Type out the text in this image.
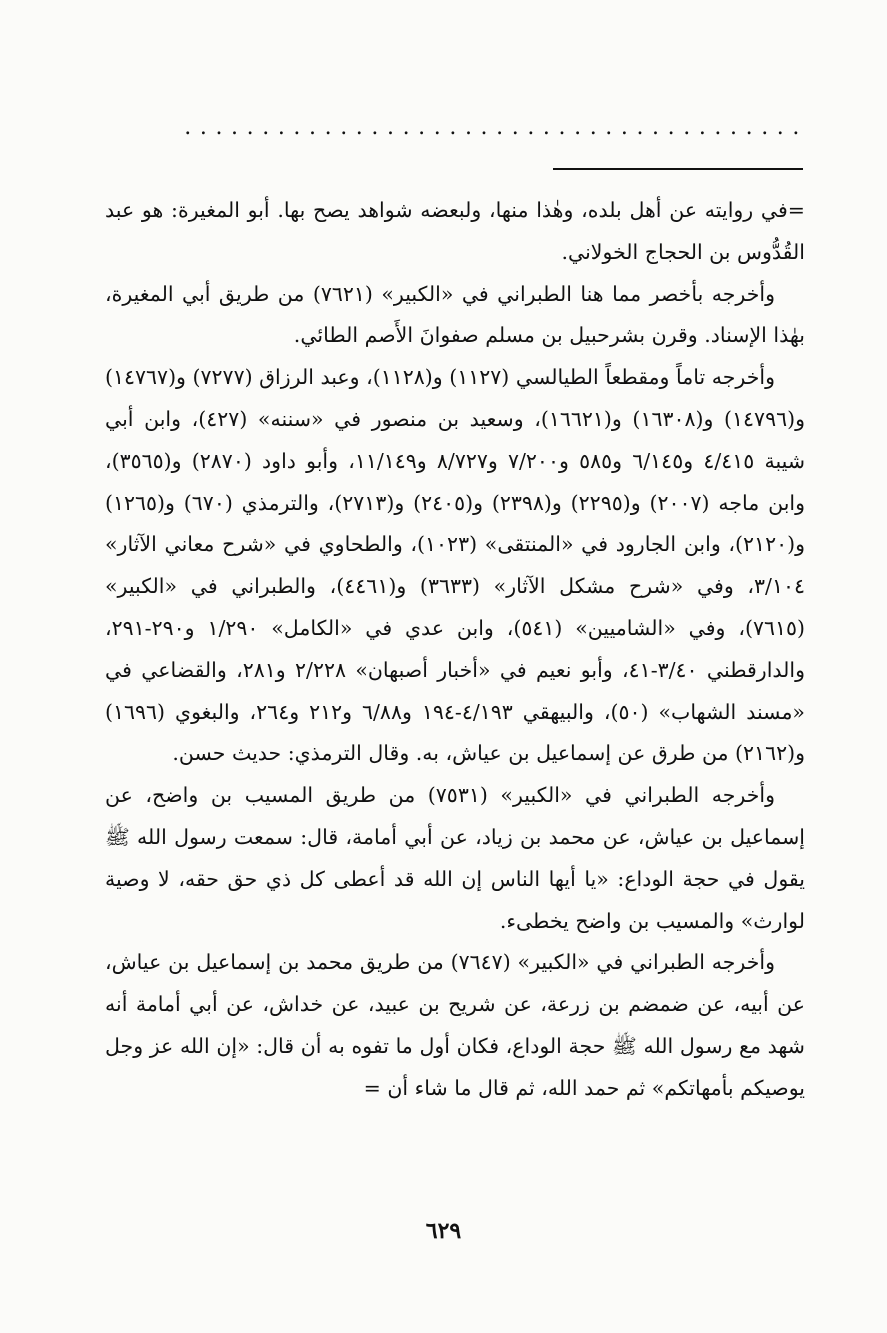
........................................

=في روايته عن أهل بلده، وهٰذا منها، ولبعضه شواهد يصح بها. أبو المغيرة: هو عبد القُدُّوس بن الحجاج الخولاني.

وأخرجه بأخصر مما هنا الطبراني في «الكبير» (٧٦٢١) من طريق أبي المغيرة، بهٰذا الإسناد. وقرن بشرحبيل بن مسلم صفوانَ الأَصم الطائي.

وأخرجه تاماً ومقطعاً الطيالسي (١١٢٧) و(١١٢٨)، وعبد الرزاق (٧٢٧٧) و(١٤٧٦٧) و(١٤٧٩٦) و(١٦٣٠٨) و(١٦٦٢١)، وسعيد بن منصور في «سننه» (٤٢٧)، وابن أبي شيبة ٤/٤١٥ و٦/١٤٥ و٥٨٥ و٧/٢٠٠ و٨/٧٢٧ و١١/١٤٩، وأبو داود (٢٨٧٠) و(٣٥٦٥)، وابن ماجه (٢٠٠٧) و(٢٢٩٥) و(٢٣٩٨) و(٢٤٠٥) و(٢٧١٣)، والترمذي (٦٧٠) و(١٢٦٥) و(٢١٢٠)، وابن الجارود في «المنتقى» (١٠٢٣)، والطحاوي في «شرح معاني الآثار» ٣/١٠٤، وفي «شرح مشكل الآثار» (٣٦٣٣) و(٤٤٦١)، والطبراني في «الكبير» (٧٦١٥)، وفي «الشاميين» (٥٤١)، وابن عدي في «الكامل» ١/٢٩٠ و٢٩٠-٢٩١، والدارقطني ٣/٤٠-٤١، وأبو نعيم في «أخبار أصبهان» ٢/٢٢٨ و٢٨١، والقضاعي في «مسند الشهاب» (٥٠)، والبيهقي ٤/١٩٣-١٩٤ و٦/٨٨ و٢١٢ و٢٦٤، والبغوي (١٦٩٦) و(٢١٦٢) من طرق عن إسماعيل بن عياش، به. وقال الترمذي: حديث حسن.

وأخرجه الطبراني في «الكبير» (٧٥٣١) من طريق المسيب بن واضح، عن إسماعيل بن عياش، عن محمد بن زياد، عن أبي أمامة، قال: سمعت رسول الله ﷺ يقول في حجة الوداع: «يا أيها الناس إن الله قد أعطى كل ذي حق حقه، لا وصية لوارث» والمسيب بن واضح يخطىء.

وأخرجه الطبراني في «الكبير» (٧٦٤٧) من طريق محمد بن إسماعيل بن عياش، عن أبيه، عن ضمضم بن زرعة، عن شريح بن عبيد، عن خداش، عن أبي أمامة أنه شهد مع رسول الله ﷺ حجة الوداع، فكان أول ما تفوه به أن قال: «إن الله عز وجل يوصيكم بأمهاتكم» ثم حمد الله، ثم قال ما شاء أن =

٦٢٩
